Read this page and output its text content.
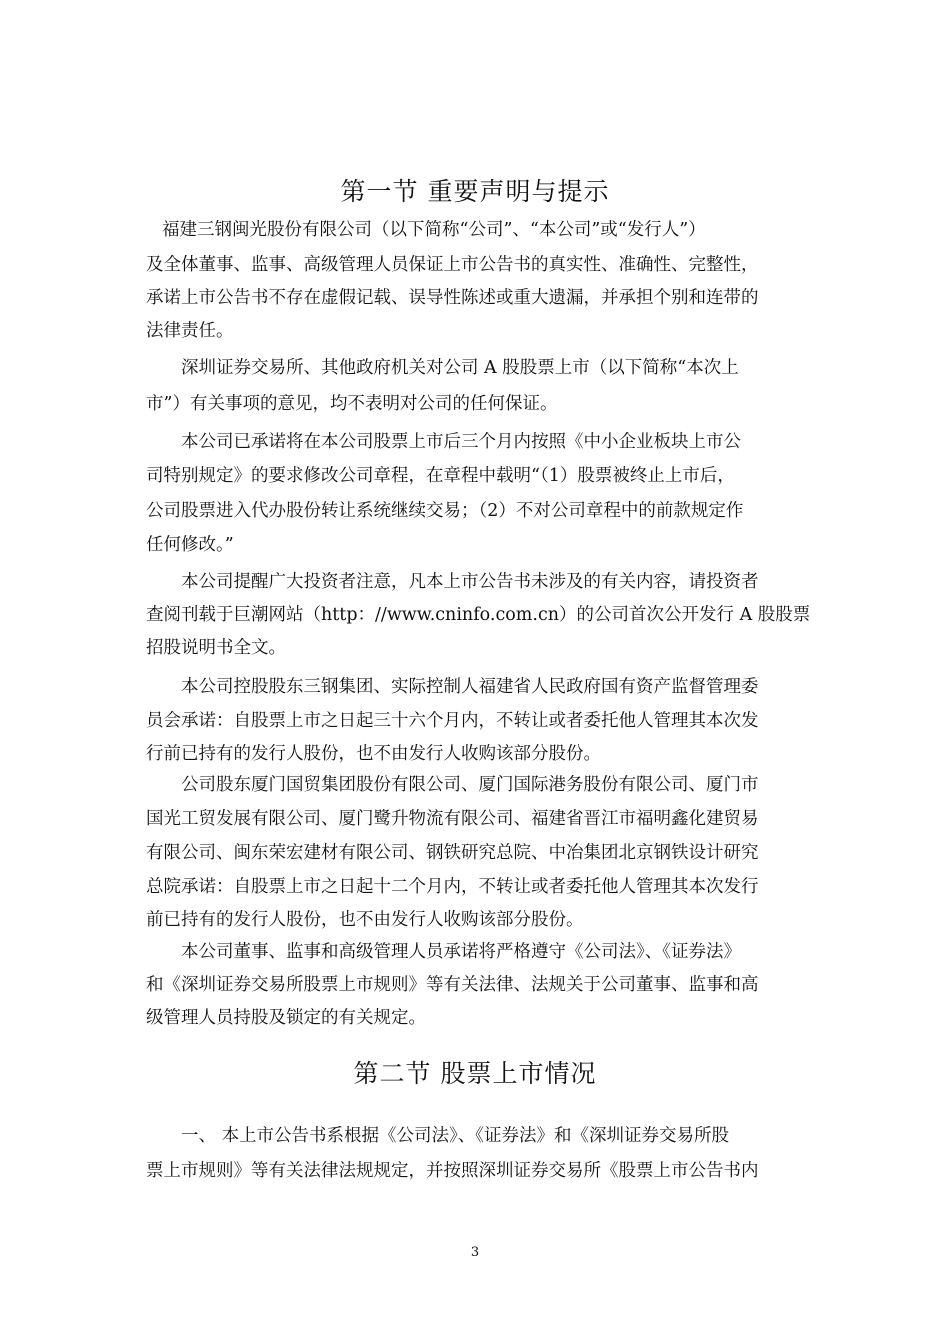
第一节 重要声明与提示
福建三钢闽光股份有限公司（以下简称“公司”、“本公司”或“发行人”）
及全体董事、监事、高级管理人员保证上市公告书的真实性、准确性、完整性，
承诺上市公告书不存在虚假记载、误导性陈述或重大遗漏，并承担个别和连带的
法律责任。
深圳证券交易所、其他政府机关对公司 A 股股票上市（以下简称“本次上
市”）有关事项的意见，均不表明对公司的任何保证。
本公司已承诺将在本公司股票上市后三个月内按照《中小企业板块上市公
司特别规定》的要求修改公司章程，在章程中载明“（1）股票被终止上市后，
公司股票进入代办股份转让系统继续交易；（2）不对公司章程中的前款规定作
任何修改。”
本公司提醒广大投资者注意，凡本上市公告书未涉及的有关内容，请投资者
查阅刊载于巨潮网站（http：//www.cninfo.com.cn）的公司首次公开发行 A 股股票
招股说明书全文。
本公司控股股东三钢集团、实际控制人福建省人民政府国有资产监督管理委
员会承诺：自股票上市之日起三十六个月内，不转让或者委托他人管理其本次发
行前已持有的发行人股份，也不由发行人收购该部分股份。
公司股东厦门国贸集团股份有限公司、厦门国际港务股份有限公司、厦门市
国光工贸发展有限公司、厦门鹭升物流有限公司、福建省晋江市福明鑫化建贸易
有限公司、闽东荣宏建材有限公司、钢铁研究总院、中冶集团北京钢铁设计研究
总院承诺：自股票上市之日起十二个月内，不转让或者委托他人管理其本次发行
前已持有的发行人股份，也不由发行人收购该部分股份。
本公司董事、监事和高级管理人员承诺将严格遵守《公司法》、《证券法》
和《深圳证券交易所股票上市规则》等有关法律、法规关于公司董事、监事和高
级管理人员持股及锁定的有关规定。
第二节 股票上市情况
一、 本上市公告书系根据《公司法》、《证券法》和《深圳证券交易所股
票上市规则》等有关法律法规规定，并按照深圳证券交易所《股票上市公告书内
3
